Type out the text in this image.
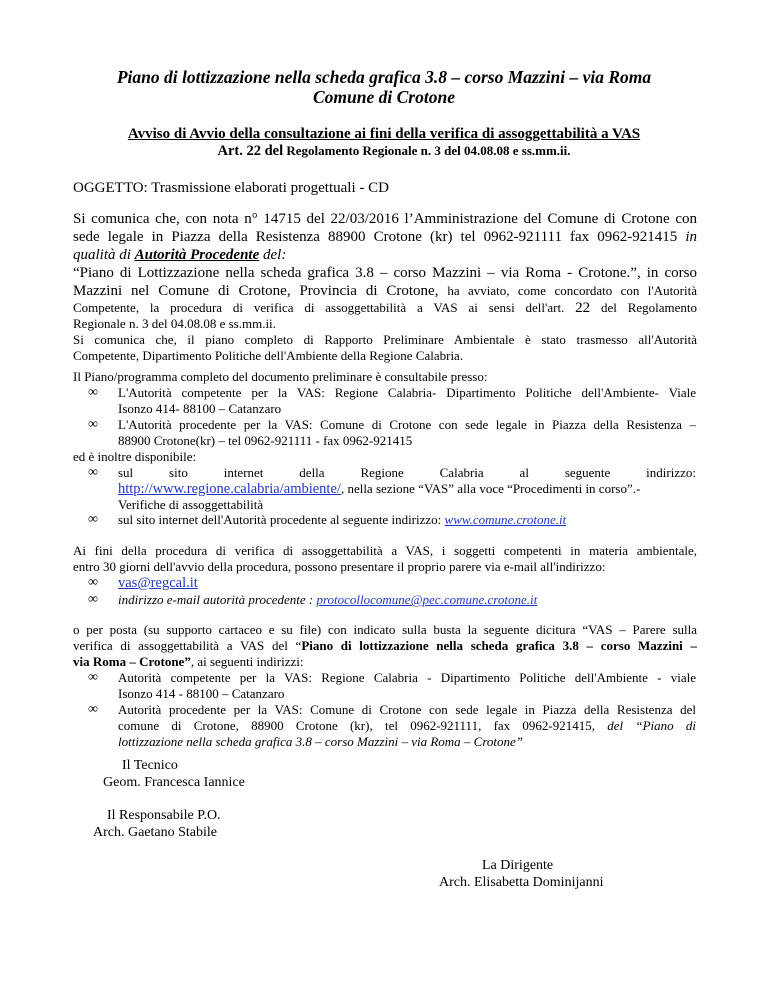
Piano di lottizzazione nella scheda grafica 3.8 – corso Mazzini – via Roma
Comune di Crotone
Avviso di Avvio della consultazione ai fini della verifica di assoggettabilità a VAS
Art. 22 del Regolamento Regionale n. 3 del 04.08.08 e ss.mm.ii.
OGGETTO: Trasmissione elaborati progettuali - CD
Si comunica che, con nota n° 14715 del 22/03/2016 l’Amministrazione del Comune di Crotone con
sede legale in Piazza della Resistenza 88900 Crotone (kr) tel 0962-921111 fax 0962-921415 in
qualità di Autorità Procedente del:
“Piano di Lottizzazione nella scheda grafica 3.8 – corso Mazzini – via Roma - Crotone.”, in corso
Mazzini nel Comune di Crotone, Provincia di Crotone, ha avviato, come concordato con l'Autorità
Competente, la procedura di verifica di assoggettabilità a VAS ai sensi dell'art. 22 del Regolamento
Regionale n. 3 del 04.08.08 e ss.mm.ii.
Si comunica che, il piano completo di Rapporto Preliminare Ambientale è stato trasmesso all'Autorità
Competente, Dipartimento Politiche dell'Ambiente della Regione Calabria.
Il Piano/programma completo del documento preliminare è consultabile presso:
∞ L'Autorità competente per la VAS: Regione Calabria- Dipartimento Politiche dell'Ambiente- Viale
Isonzo 414- 88100 – Catanzaro
∞ L'Autorità procedente per la VAS: Comune di Crotone con sede legale in Piazza della Resistenza –
88900 Crotone(kr) – tel 0962-921111 - fax 0962-921415
ed è inoltre disponibile:
∞ sul sito internet della Regione Calabria al seguente indirizzo:
http://www.regione.calabria/ambiente/, nella sezione “VAS” alla voce “Procedimenti in corso”.-
Verifiche di assoggettabilità
∞ sul sito internet dell'Autorità procedente al seguente indirizzo: www.comune.crotone.it
Ai fini della procedura di verifica di assoggettabilità a VAS, i soggetti competenti in materia ambientale,
entro 30 giorni dell'avvio della procedura, possono presentare il proprio parere via e-mail all'indirizzo:
∞ vas@regcal.it
∞ indirizzo e-mail autorità procedente : protocollocomune@pec.comune.crotone.it
o per posta (su supporto cartaceo e su file) con indicato sulla busta la seguente dicitura “VAS – Parere sulla
verifica di assoggettabilità a VAS del “Piano di lottizzazione nella scheda grafica 3.8 – corso Mazzini –
via Roma – Crotone”, ai seguenti indirizzi:
∞ Autorità competente per la VAS: Regione Calabria - Dipartimento Politiche dell'Ambiente - viale
Isonzo 414 - 88100 – Catanzaro
∞ Autorità procedente per la VAS: Comune di Crotone con sede legale in Piazza della Resistenza del
comune di Crotone, 88900 Crotone (kr), tel 0962-921111, fax 0962-921415, del “Piano di
lottizzazione nella scheda grafica 3.8 – corso Mazzini – via Roma – Crotone”
Il Tecnico
Geom. Francesca Iannice
Il Responsabile P.O.
Arch. Gaetano Stabile
La Dirigente
Arch. Elisabetta Dominijanni
